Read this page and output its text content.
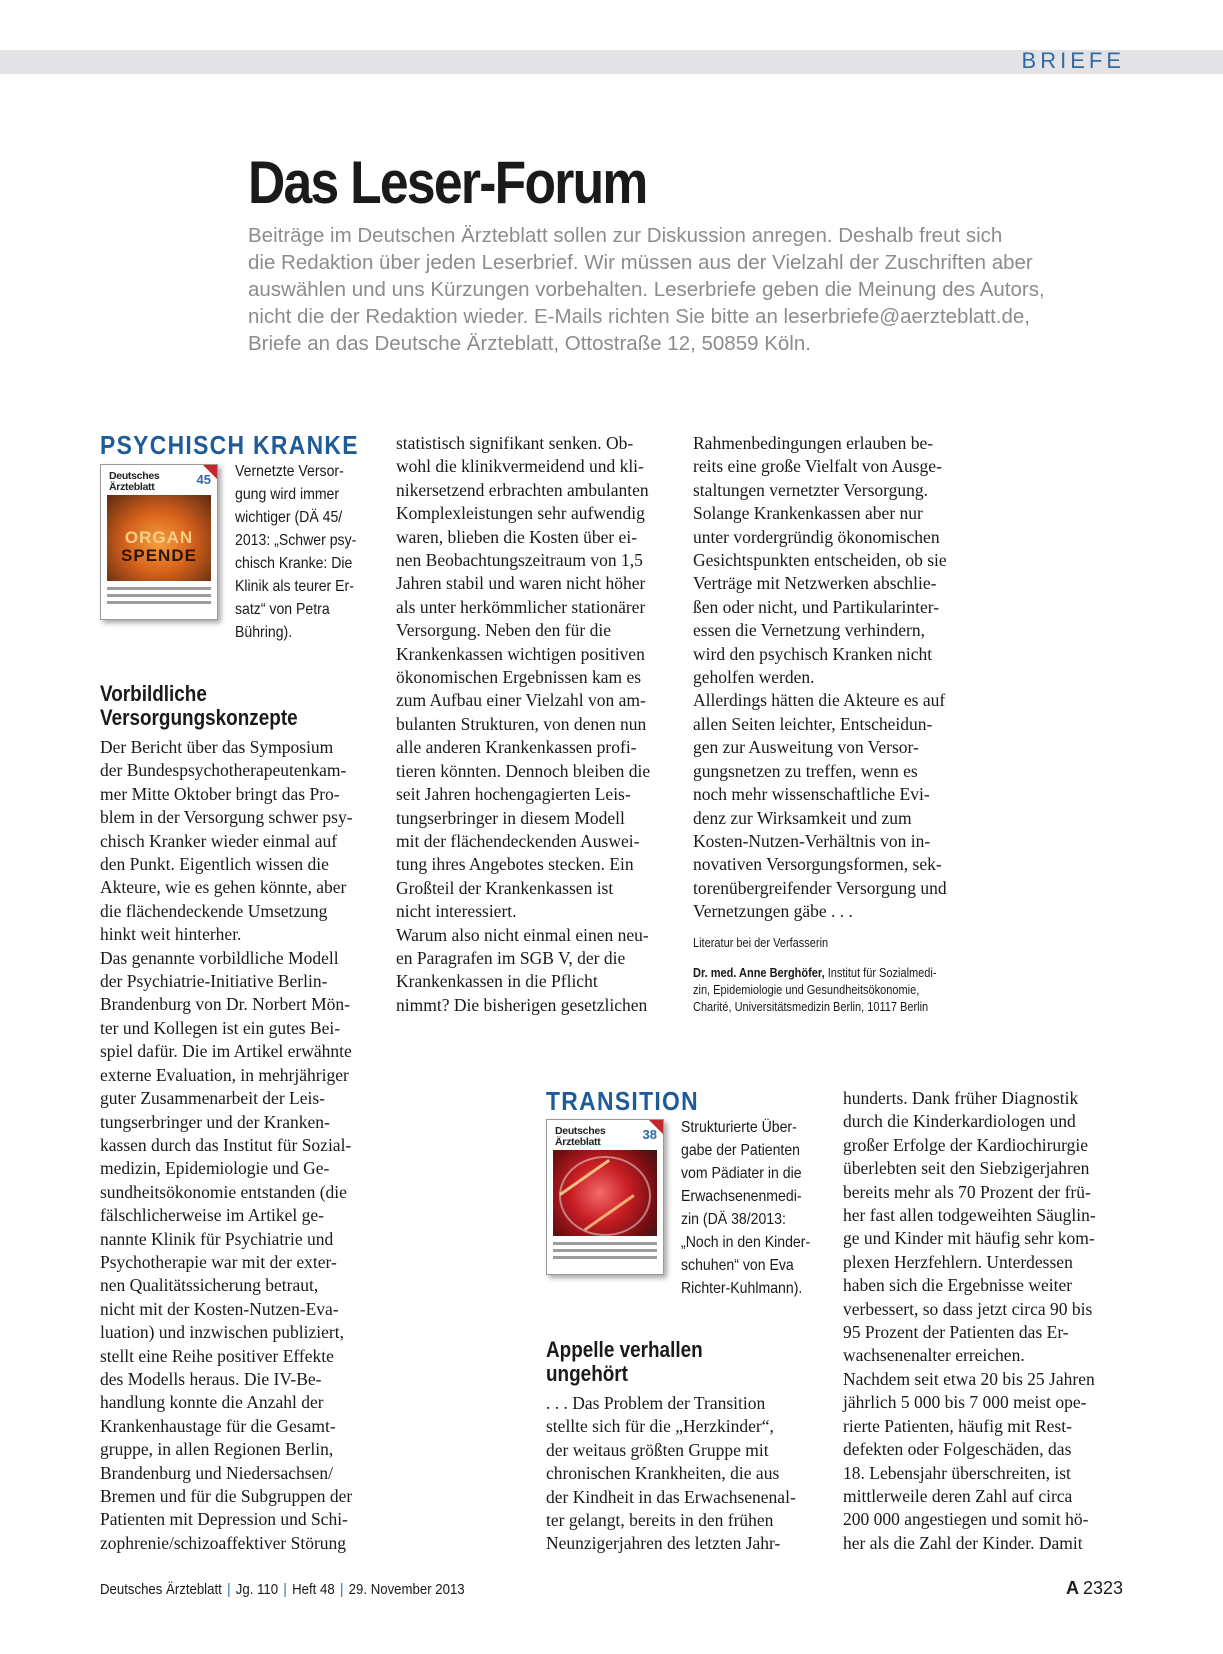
BRIEFE
Das Leser-Forum
Beiträge im Deutschen Ärzteblatt sollen zur Diskussion anregen. Deshalb freut sich
die Redaktion über jeden Leserbrief. Wir müssen aus der Vielzahl der Zuschriften aber
auswählen und uns Kürzungen vorbehalten. Leserbriefe geben die Meinung des Autors,
nicht die der Redaktion wieder. E-Mails richten Sie bitte an leserbriefe@aerzteblatt.de,
Briefe an das Deutsche Ärzteblatt, Ottostraße 12, 50859 Köln.
PSYCHISCH KRANKE
Deutsches Ärzteblatt	45
ORGAN
SPENDE
Vernetzte Versor-
gung wird immer
wichtiger (DÄ 45/
2013: „Schwer psy-
chisch Kranke: Die
Klinik als teurer Er-
satz“ von Petra
Bühring).
Vorbildliche
Versorgungskonzepte
Der Bericht über das Symposium
der Bundespsychotherapeutenkam-
mer Mitte Oktober bringt das Pro-
blem in der Versorgung schwer psy-
chisch Kranker wieder einmal auf
den Punkt. Eigentlich wissen die
Akteure, wie es gehen könnte, aber
die flächendeckende Umsetzung
hinkt weit hinterher.
Das genannte vorbildliche Modell
der Psychiatrie-Initiative Berlin-
Brandenburg von Dr. Norbert Mön-
ter und Kollegen ist ein gutes Bei-
spiel dafür. Die im Artikel erwähnte
externe Evaluation, in mehrjähriger
guter Zusammenarbeit der Leis-
tungserbringer und der Kranken-
kassen durch das Institut für Sozial-
medizin, Epidemiologie und Ge-
sundheitsökonomie entstanden (die
fälschlicherweise im Artikel ge-
nannte Klinik für Psychiatrie und
Psychotherapie war mit der exter-
nen Qualitätssicherung betraut,
nicht mit der Kosten-Nutzen-Eva-
luation) und inzwischen publiziert,
stellt eine Reihe positiver Effekte
des Modells heraus. Die IV-Be-
handlung konnte die Anzahl der
Krankenhaustage für die Gesamt-
gruppe, in allen Regionen Berlin,
Brandenburg und Niedersachsen/
Bremen und für die Subgruppen der
Patienten mit Depression und Schi-
zophrenie/schizoaffektiver Störung
statistisch signifikant senken. Ob-
wohl die klinikvermeidend und kli-
nikersetzend erbrachten ambulanten
Komplexleistungen sehr aufwendig
waren, blieben die Kosten über ei-
nen Beobachtungszeitraum von 1,5
Jahren stabil und waren nicht höher
als unter herkömmlicher stationärer
Versorgung. Neben den für die
Krankenkassen wichtigen positiven
ökonomischen Ergebnissen kam es
zum Aufbau einer Vielzahl von am-
bulanten Strukturen, von denen nun
alle anderen Krankenkassen profi-
tieren könnten. Dennoch bleiben die
seit Jahren hochengagierten Leis-
tungserbringer in diesem Modell
mit der flächendeckenden Auswei-
tung ihres Angebotes stecken. Ein
Großteil der Krankenkassen ist
nicht interessiert.
Warum also nicht einmal einen neu-
en Paragrafen im SGB V, der die
Krankenkassen in die Pflicht
nimmt? Die bisherigen gesetzlichen
Rahmenbedingungen erlauben be-
reits eine große Vielfalt von Ausge-
staltungen vernetzter Versorgung.
Solange Krankenkassen aber nur
unter vordergründig ökonomischen
Gesichtspunkten entscheiden, ob sie
Verträge mit Netzwerken abschlie-
ßen oder nicht, und Partikularinter-
essen die Vernetzung verhindern,
wird den psychisch Kranken nicht
geholfen werden.
Allerdings hätten die Akteure es auf
allen Seiten leichter, Entscheidun-
gen zur Ausweitung von Versor-
gungsnetzen zu treffen, wenn es
noch mehr wissenschaftliche Evi-
denz zur Wirksamkeit und zum
Kosten-Nutzen-Verhältnis von in-
novativen Versorgungsformen, sek-
torenübergreifender Versorgung und
Vernetzungen gäbe . . .
Literatur bei der Verfasserin
Dr. med. Anne Berghöfer, Institut für Sozialmedi-
zin, Epidemiologie und Gesundheitsökonomie,
Charité, Universitätsmedizin Berlin, 10117 Berlin
TRANSITION
Deutsches Ärzteblatt	38 Strukturierte Über-
gabe der Patienten
vom Pädiater in die
Erwachsenenmedi-
zin (DÄ 38/2013:
„Noch in den Kinder-
schuhen“ von Eva
Richter-Kuhlmann).
Appelle verhallen
ungehört
. . . Das Problem der Transition
stellte sich für die „Herzkinder“,
der weitaus größten Gruppe mit
chronischen Krankheiten, die aus
der Kindheit in das Erwachsenenal-
ter gelangt, bereits in den frühen
Neunzigerjahren des letzten Jahr-
hunderts. Dank früher Diagnostik
durch die Kinderkardiologen und
großer Erfolge der Kardiochirurgie
überlebten seit den Siebzigerjahren
bereits mehr als 70 Prozent der frü-
her fast allen todgeweihten Säuglin-
ge und Kinder mit häufig sehr kom-
plexen Herzfehlern. Unterdessen
haben sich die Ergebnisse weiter
verbessert, so dass jetzt circa 90 bis
95 Prozent der Patienten das Er-
wachsenenalter erreichen.
Nachdem seit etwa 20 bis 25 Jahren
jährlich 5 000 bis 7 000 meist ope-
rierte Patienten, häufig mit Rest-
defekten oder Folgeschäden, das
18. Lebensjahr überschreiten, ist
mittlerweile deren Zahl auf circa
200 000 angestiegen und somit hö-
her als die Zahl der Kinder. Damit
Deutsches Ärzteblatt | Jg. 110 | Heft 48 | 29. November 2013	A 2323
